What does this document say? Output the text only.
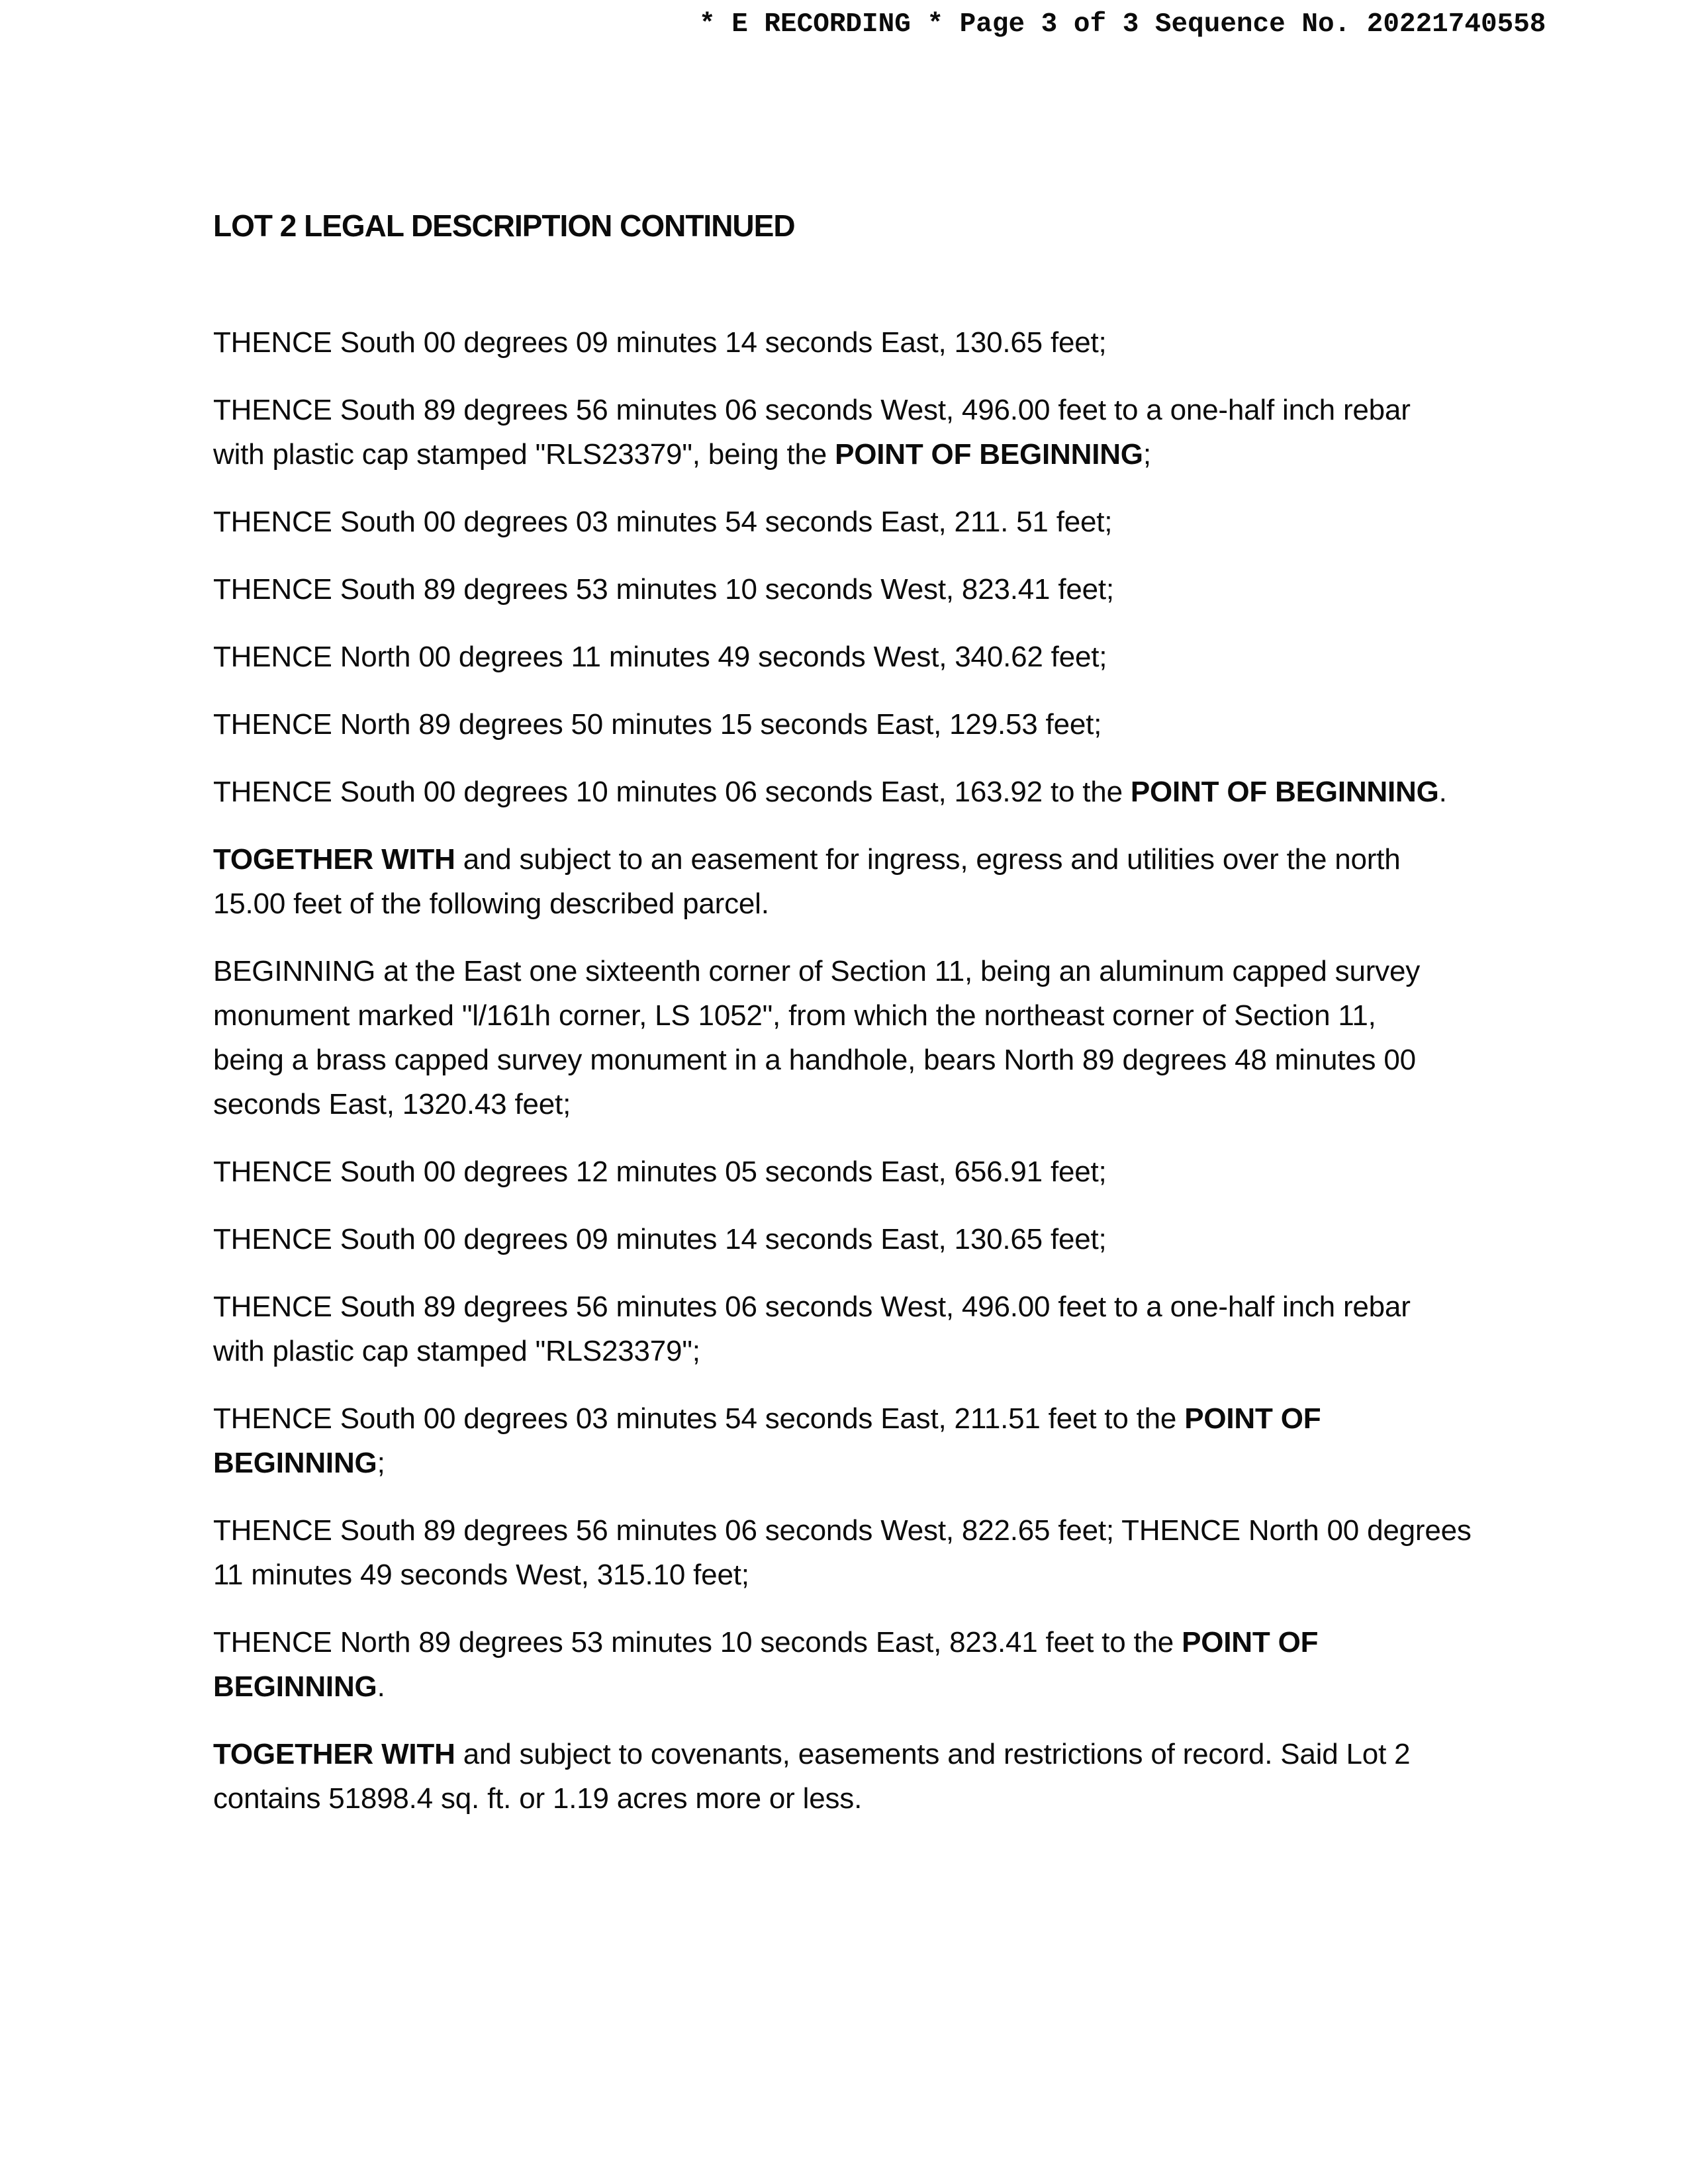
* E RECORDING * Page 3 of 3 Sequence No. 20221740558
LOT 2 LEGAL DESCRIPTION CONTINUED
THENCE South 00 degrees 09 minutes 14 seconds East, 130.65 feet;
THENCE South 89 degrees 56 minutes 06 seconds West, 496.00 feet to a one-half inch rebar
with plastic cap stamped "RLS23379", being the POINT OF BEGINNING;
THENCE South 00 degrees 03 minutes 54 seconds East, 211. 51 feet;
THENCE South 89 degrees 53 minutes 10 seconds West, 823.41 feet;
THENCE North 00 degrees 11 minutes 49 seconds West, 340.62 feet;
THENCE North 89 degrees 50 minutes 15 seconds East, 129.53 feet;
THENCE South 00 degrees 10 minutes 06 seconds East, 163.92 to the POINT OF BEGINNING.
TOGETHER WITH and subject to an easement for ingress, egress and utilities over the north
15.00 feet of the following described parcel.
BEGINNING at the East one sixteenth corner of Section 11, being an aluminum capped survey
monument marked "l/161h corner, LS 1052", from which the northeast corner of Section 11,
being a brass capped survey monument in a handhole, bears North 89 degrees 48 minutes 00
seconds East, 1320.43 feet;
THENCE South 00 degrees 12 minutes 05 seconds East, 656.91 feet;
THENCE South 00 degrees 09 minutes 14 seconds East, 130.65 feet;
THENCE South 89 degrees 56 minutes 06 seconds West, 496.00 feet to a one-half inch rebar
with plastic cap stamped "RLS23379";
THENCE South 00 degrees 03 minutes 54 seconds East, 211.51 feet to the POINT OF
BEGINNING;
THENCE South 89 degrees 56 minutes 06 seconds West, 822.65 feet; THENCE North 00 degrees
11 minutes 49 seconds West, 315.10 feet;
THENCE North 89 degrees 53 minutes 10 seconds East, 823.41 feet to the POINT OF
BEGINNING.
TOGETHER WITH and subject to covenants, easements and restrictions of record. Said Lot 2
contains 51898.4 sq. ft. or 1.19 acres more or less.
